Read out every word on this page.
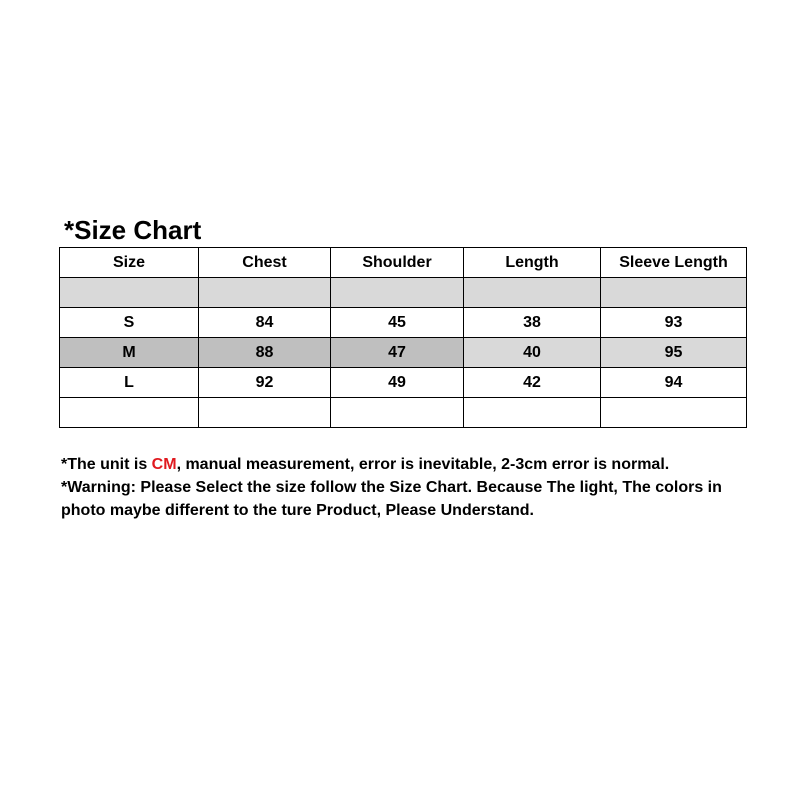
*Size Chart
Size	Chest	Shoulder	Length	Sleeve Length

S	84	45	38	93
M	88	47	40	95
L	92	49	42	94

*The unit is CM, manual measurement, error is inevitable, 2-3cm error is normal.

*Warning: Please Select the size follow the Size Chart. Because The light, The colors in photo maybe different to the ture Product, Please Understand.
